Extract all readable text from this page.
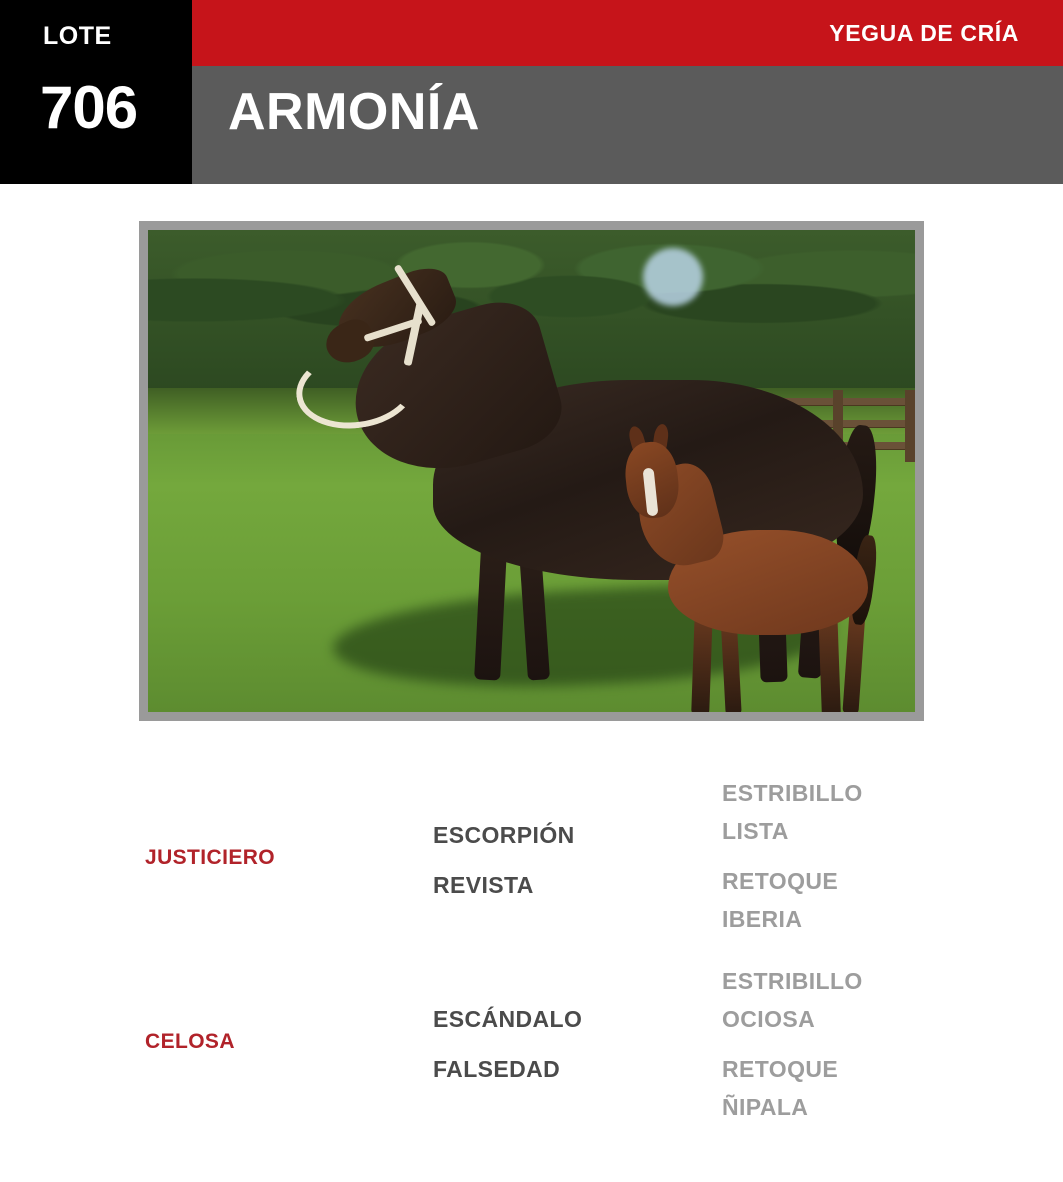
LOTE
706
YEGUA DE CRÍA
ARMONÍA
ESTRIBILLO
LISTA
ESCORPIÓN
JUSTICIERO
REVISTA	RETOQUE
IBERIA
ESTRIBILLO
OCIOSA
ESCÁNDALO
CELOSA
FALSEDAD	RETOQUE
ÑIPALA
